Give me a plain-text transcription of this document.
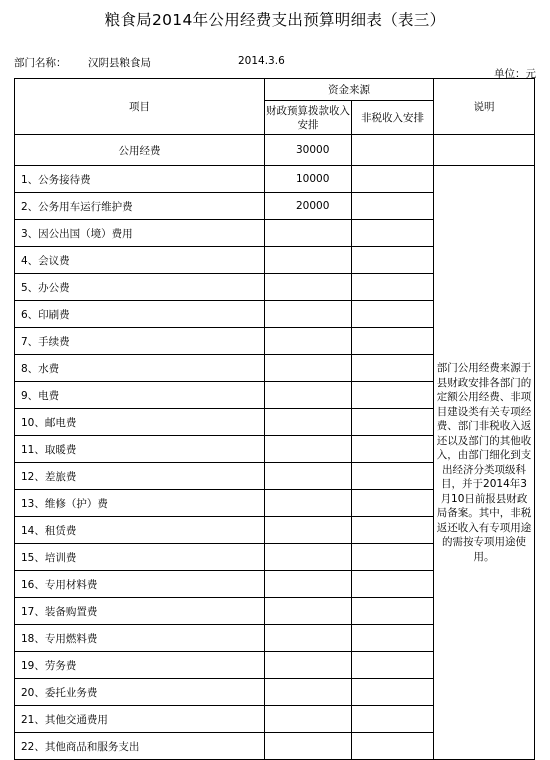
粮食局2014年公用经费支出预算明细表（表三）
部门名称： 汉阴县粮食局	2014.3.6
单位：元
项目	资金来源		说明
	财政预算拨款收入安排	非税收入安排	
公用经费	30000		
1、公务接待费	10000		部门公用经费来源于县财政安排各部门的定额公用经费、非项目建设类有关专项经费、部门非税收入返还以及部门的其他收入，由部门细化到支出经济分类项级科目，并于2014年3月10日前报县财政局备案。其中，非税返还收入有专项用途的需按专项用途使用。
2、公务用车运行维护费	20000		
3、因公出国（境）费用			
4、会议费			
5、办公费			
6、印刷费			
7、手续费			
8、水费			
9、电费			
10、邮电费			
11、取暖费			
12、差旅费			
13、维修（护）费			
14、租赁费			
15、培训费			
16、专用材料费			
17、装备购置费			
18、专用燃料费			
19、劳务费			
20、委托业务费			
21、其他交通费用			
22、其他商品和服务支出			
